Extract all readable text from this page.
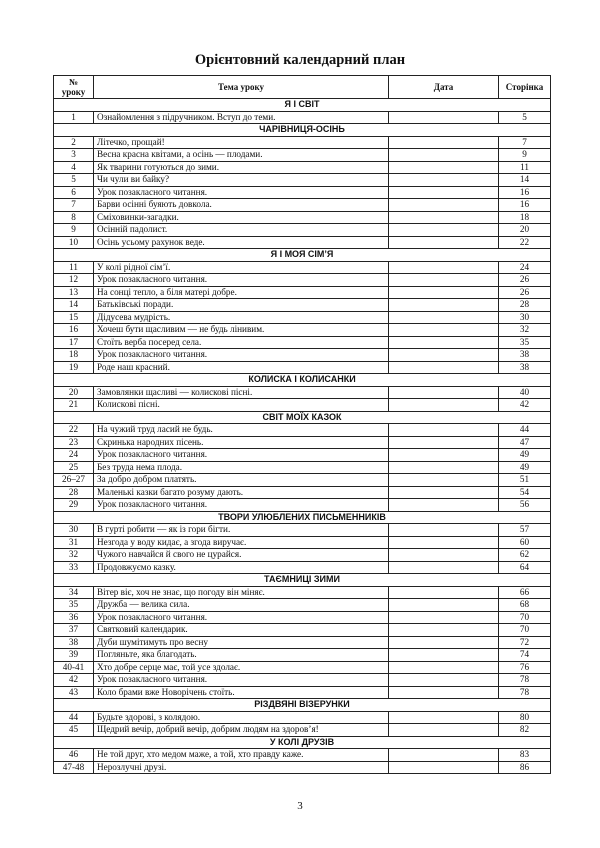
Орієнтовний календарний план
№
уроку	Тема уроку	Дата	Сторінка
Я І СВІТ			
1	Ознайомлення з підручником. Вступ до теми.		5
ЧАРІВНИЦЯ-ОСІНЬ			
2	Літечко, прощай!		7
3	Весна красна квітами, а осінь — плодами.		9
4	Як тварини готуються до зими.		11
5	Чи чули ви байку?		14
6	Урок позакласного читання.		16
7	Барви осінні буяють довкола.		16
8	Сміховинки-загадки.		18
9	Осінній падолист.		20
10	Осінь усьому рахунок веде.		22
Я І МОЯ СІМ’Я			
11	У колі рідної сім’ї.		24
12	Урок позакласного читання.		26
13	На сонці тепло, а біля матері добре.		26
14	Батьківські поради.		28
15	Дідусева мудрість.		30
16	Хочеш бути щасливим — не будь лінивим.		32
17	Стоїть верба посеред села.		35
18	Урок позакласного читання.		38
19	Роде наш красний.		38
КОЛИСКА І КОЛИСАНКИ			
20	Замовлянки щасливі — колискові пісні.		40
21	Колискові пісні.		42
СВІТ МОЇХ КАЗОК			
22	На чужий труд ласий не будь.		44
23	Скринька народних пісень.		47
24	Урок позакласного читання.		49
25	Без труда нема плода.		49
26–27	За добро добром платять.		51
28	Маленькі казки багато розуму дають.		54
29	Урок позакласного читання.		56
ТВОРИ УЛЮБЛЕНИХ ПИСЬМЕННИКІВ			
30	В гурті робити — як із гори бігти.		57
31	Незгода у воду кидає, а згода виручає.		60
32	Чужого навчайся й свого не цурайся.		62
33	Продовжуємо казку.		64
ТАЄМНИЦІ ЗИМИ			
34	Вітер віє, хоч не знає, що погоду він міняє.		66
35	Дружба — велика сила.		68
36	Урок позакласного читання.		70
37	Святковий календарик.		70
38	Дуби шумітимуть про весну		72
39	Погляньте, яка благодать.		74
40-41	Хто добре серце має, той усе здолає.		76
42	Урок позакласного читання.		78
43	Коло брами вже Новорічень стоїть.		78
РІЗДВЯНІ ВІЗЕРУНКИ			
44	Будьте здорові, з колядою.		80
45	Щедрий вечір, добрий вечір, добрим людям на здоров’я!		82
У КОЛІ ДРУЗІВ			
46	Не той друг, хто медом маже, а той, хто правду каже.		83
47-48	Нерозлучні друзі.		86
3
